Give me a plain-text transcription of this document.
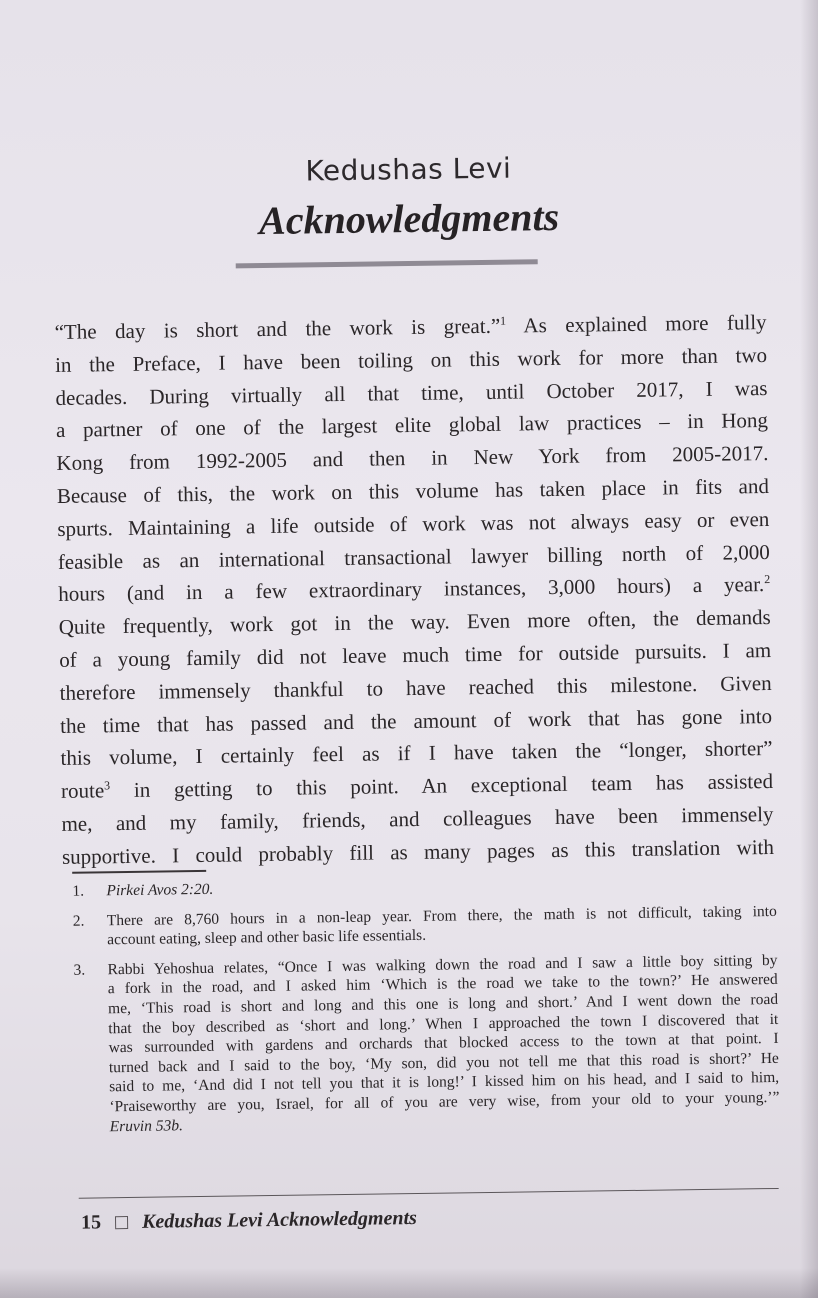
Kedushas Levi
Acknowledgments
“The day is short and the work is great.”$^1$ As explained more fully
in the Preface, I have been toiling on this work for more than two
decades. During virtually all that time, until October 2017, I was
a partner of one of the largest elite global law practices – in Hong
Kong from 1992-2005 and then in New York from 2005-2017.
Because of this, the work on this volume has taken place in fits and
spurts. Maintaining a life outside of work was not always easy or even
feasible as an international transactional lawyer billing north of 2,000
hours (and in a few extraordinary instances, 3,000 hours) a year.$^2$
Quite frequently, work got in the way. Even more often, the demands
of a young family did not leave much time for outside pursuits. I am
therefore immensely thankful to have reached this milestone. Given
the time that has passed and the amount of work that has gone into
this volume, I certainly feel as if I have taken the “longer, shorter”
route$^3$ in getting to this point. An exceptional team has assisted
me, and my family, friends, and colleagues have been immensely
supportive. I could probably fill as many pages as this translation with
1.	Pirkei Avos 2:20.
2.	There are 8,760 hours in a non-leap year. From there, the math is not difficult, taking into
account eating, sleep and other basic life essentials.
3.	Rabbi Yehoshua relates, “Once I was walking down the road and I saw a little boy sitting by
a fork in the road, and I asked him ‘Which is the road we take to the town?’ He answered
me, ‘This road is short and long and this one is long and short.’ And I went down the road
that the boy described as ‘short and long.’ When I approached the town I discovered that it
was surrounded with gardens and orchards that blocked access to the town at that point. I
turned back and I said to the boy, ‘My son, did you not tell me that this road is short?’ He
said to me, ‘And did I not tell you that it is long!’ I kissed him on his head, and I said to him,
‘Praiseworthy are you, Israel, for all of you are very wise, from your old to your young.’”
Eruvin 53b.
15 Kedushas Levi Acknowledgments
